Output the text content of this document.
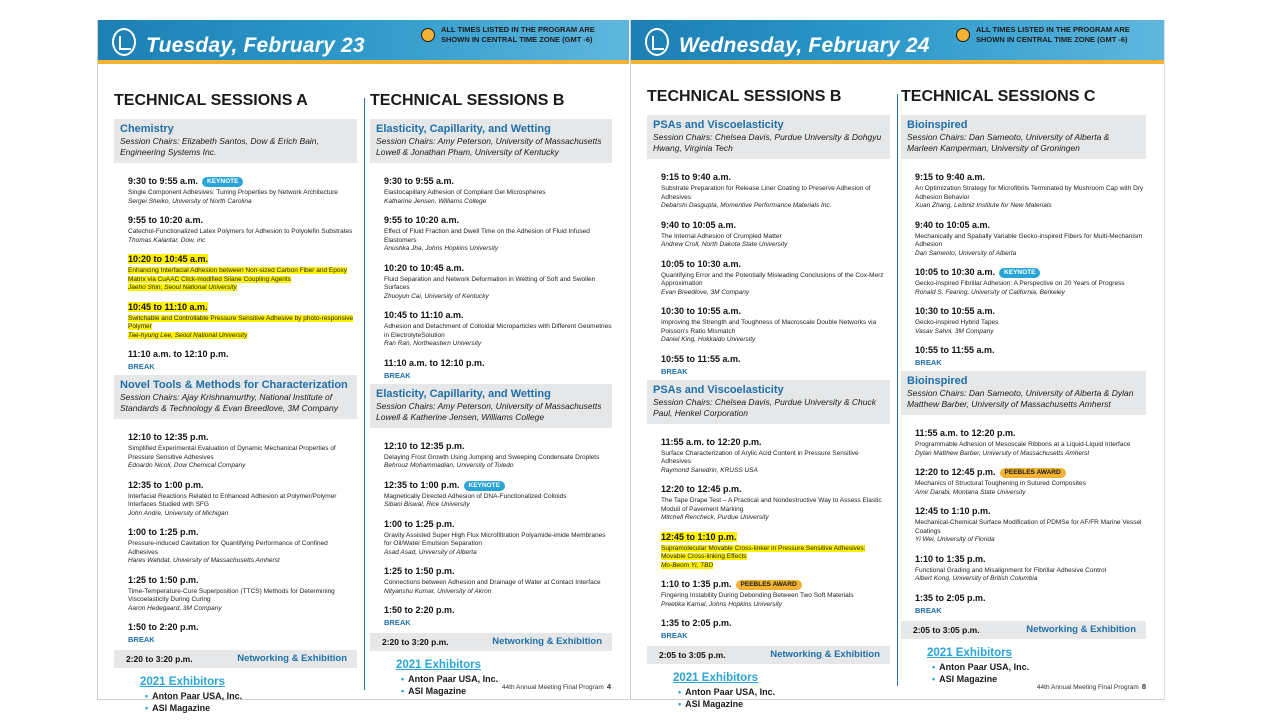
Tuesday, February 23
ALL TIMES LISTED IN THE PROGRAM ARE
SHOWN IN CENTRAL TIME ZONE (GMT -6)
TECHNICAL SESSIONS A
Chemistry
Session Chairs: Elizabeth Santos, Dow & Erich Bain, Engineering Systems Inc.
9:30 to 9:55 a.m. KEYNOTE
Single Component Adhesives: Tuning Properties by Network Architecture
Sergei Sheiko, University of North Carolina
9:55 to 10:20 a.m.
Catechol-Functionalized Latex Polymers for Adhesion to Polyolefin Substrates
Thomas Kalantar, Dow, inc
10:20 to 10:45 a.m.
Enhancing Interfacial Adhesion between Non-sized Carbon Fiber and Epoxy Matrix via CuAAC Click-modified Silane Coupling Agents
Jaeho Shin, Seoul National University
10:45 to 11:10 a.m.
Switchable and Controllable Pressure Sensitive Adhesive by photo-responsive Polymer
Tae-hyung Lee, Seoul National University
11:10 a.m. to 12:10 p.m.
BREAK
Novel Tools & Methods for Characterization
Session Chairs: Ajay Krishnamurthy, National Institute of Standards & Technology & Evan Breedlove, 3M Company
12:10 to 12:35 p.m.
Simplified Experimental Evaluation of Dynamic Mechanical Properties of Pressure Sensitive Adhesives
Edoardo Nicoli, Dow Chemical Company
12:35 to 1:00 p.m.
Interfacial Reactions Related to Enhanced Adhesion at Polymer/Polymer Interfaces Studied with SFG
John Andre, University of Michigan
1:00 to 1:25 p.m.
Pressure-induced Cavitation for Quantifying Performance of Confined Adhesives
Hares Wahdat, University of Massachusetts Amherst
1:25 to 1:50 p.m.
Time-Temperature-Cure Superposition (TTCS) Methods for Determining Viscoelasticity During Curing
Aaron Hedegaard, 3M Company
1:50 to 2:20 p.m.
BREAK
2:20 to 3:20 p.m.	Networking & Exhibition
2021 Exhibitors
• Anton Paar USA, Inc.
• ASI Magazine
TECHNICAL SESSIONS B
Elasticity, Capillarity, and Wetting
Session Chairs: Amy Peterson, University of Massachusetts Lowell & Jonathan Pham, University of Kentucky
9:30 to 9:55 a.m.
Elastocapillary Adhesion of Compliant Gel Microspheres
Katharine Jensen, Williams College
9:55 to 10:20 a.m.
Effect of Fluid Fraction and Dwell Time on the Adhesion of Fluid Infused Elastomers
Anushka Jha, Johns Hopkins University
10:20 to 10:45 a.m.
Fluid Separation and Network Deformation in Wetting of Soft and Swollen Surfaces
Zhuoyun Cai, University of Kentucky
10:45 to 11:10 a.m.
Adhesion and Detachment of Colloidal Microparticles with Different Geometries in ElectrolyteSolution
Ran Ran, Northeastern University
11:10 a.m. to 12:10 p.m.
BREAK
Elasticity, Capillarity, and Wetting
Session Chairs: Amy Peterson, University of Massachusetts Lowell & Katherine Jensen, Williams College
12:10 to 12:35 p.m.
Delaying Frost Growth Using Jumping and Sweeping Condensate Droplets
Behrouz Mohammadian, University of Toledo
12:35 to 1:00 p.m. KEYNOTE
Magnetically Directed Adhesion of DNA-Functionalized Colloids
Sibani Biswal, Rice University
1:00 to 1:25 p.m.
Gravity Assisted Super High Flux Microfiltration Polyamide-imide Membranes for Oil/Water Emulsion Separation
Asad Asad, University of Alberta
1:25 to 1:50 p.m.
Connections between Adhesion and Drainage of Water at Contact Interface
Nityanshu Kumar, University of Akron
1:50 to 2:20 p.m.
BREAK
2:20 to 3:20 p.m.	Networking & Exhibition
2021 Exhibitors
• Anton Paar USA, Inc.
• ASI Magazine	44th Annual Meeting Final Program 4
Wednesday, February 24
ALL TIMES LISTED IN THE PROGRAM ARE
SHOWN IN CENTRAL TIME ZONE (GMT -6)
TECHNICAL SESSIONS B
PSAs and Viscoelasticity
Session Chairs: Chelsea Davis, Purdue University & Dohgyu Hwang, Virginia Tech
9:15 to 9:40 a.m.
Substrate Preparation for Release Liner Coating to Preserve Adhesion of Adhesives
Debarshi Dasgupta, Momentive Performance Materials Inc.
9:40 to 10:05 a.m.
The Internal Adhesion of Crumpled Matter
Andrew Croll, North Dakota State University
10:05 to 10:30 a.m.
Quantifying Error and the Potentially Misleading Conclusions of the Cox-Merz Approximation
Evan Breedlove, 3M Company
10:30 to 10:55 a.m.
Improving the Strength and Toughness of Macroscale Double Networks via Poisson's Ratio Mismatch
Daniel King, Hokkaido University
10:55 to 11:55 a.m.
BREAK
PSAs and Viscoelasticity
Session Chairs: Chelsea Davis, Purdue University & Chuck Paul, Henkel Corporation
11:55 a.m. to 12:20 p.m.
Surface Characterization of Arylic Acid Content in Pressure Sensitive Adhesives
Raymond Sanedrin, KRUSS USA
12:20 to 12:45 p.m.
The Tape Drape Test – A Practical and Nondestructive Way to Assess Elastic Moduli of Pavement Marking
Mitchell Rencheck, Purdue University
12:45 to 1:10 p.m.
Supramolecular Movable Cross-linker in Pressure Sensitive Adhesives: Movable Cross-linking Effects
Mo-Beom Yi, TBD
1:10 to 1:35 p.m. PEEBLES AWARD
Fingering Instability During Debonding Between Two Soft Materials
Preetika Karnal, Johns Hopkins University
1:35 to 2:05 p.m.
BREAK
2:05 to 3:05 p.m.	Networking & Exhibition
2021 Exhibitors
• Anton Paar USA, Inc.
• ASI Magazine
TECHNICAL SESSIONS C
Bioinspired
Session Chairs: Dan Sameoto, University of Alberta & Marleen Kamperman, University of Groningen
9:15 to 9:40 a.m.
An Optimization Strategy for Microfibrils Terminated by Mushroom Cap with Dry Adhesion Behavior
Xuan Zhang, Leibniz Institute for New Materials
9:40 to 10:05 a.m.
Mechanically and Spatially Variable Gecko-inspired Fibers for Multi-Mechanism Adhesion
Dan Sameoto, University of Alberta
10:05 to 10:30 a.m. KEYNOTE
Gecko-inspired Fibrillar Adhesion: A Perspective on 20 Years of Progress
Ronald S. Fearing, University of California, Berkeley
10:30 to 10:55 a.m.
Gecko-inspired Hybrid Tapes
Vasav Sahni, 3M Company
10:55 to 11:55 a.m.
BREAK
Bioinspired
Session Chairs: Dan Sameoto, University of Alberta & Dylan Matthew Barber, University of Massachusetts Amherst
11:55 a.m. to 12:20 p.m.
Programmable Adhesion of Mesoscale Ribbons at a Liquid-Liquid Interface
Dylan Matthew Barber, University of Massachusetts Amherst
12:20 to 12:45 p.m. PEEBLES AWARD
Mechanics of Structural Toughening in Sutured Composites
Amir Darabi, Montana State University
12:45 to 1:10 p.m.
Mechanical-Chemical Surface Modification of PDMSe for AF/FR Marine Vessel Coatings
Yi Wei, University of Florida
1:10 to 1:35 p.m.
Functional Grading and Misalignment for Fibrillar Adhesive Control
Albert Kong, University of British Columbia
1:35 to 2:05 p.m.
BREAK
2:05 to 3:05 p.m.	Networking & Exhibition
2021 Exhibitors
• Anton Paar USA, Inc.
• ASI Magazine
44th Annual Meeting Final Program 8
